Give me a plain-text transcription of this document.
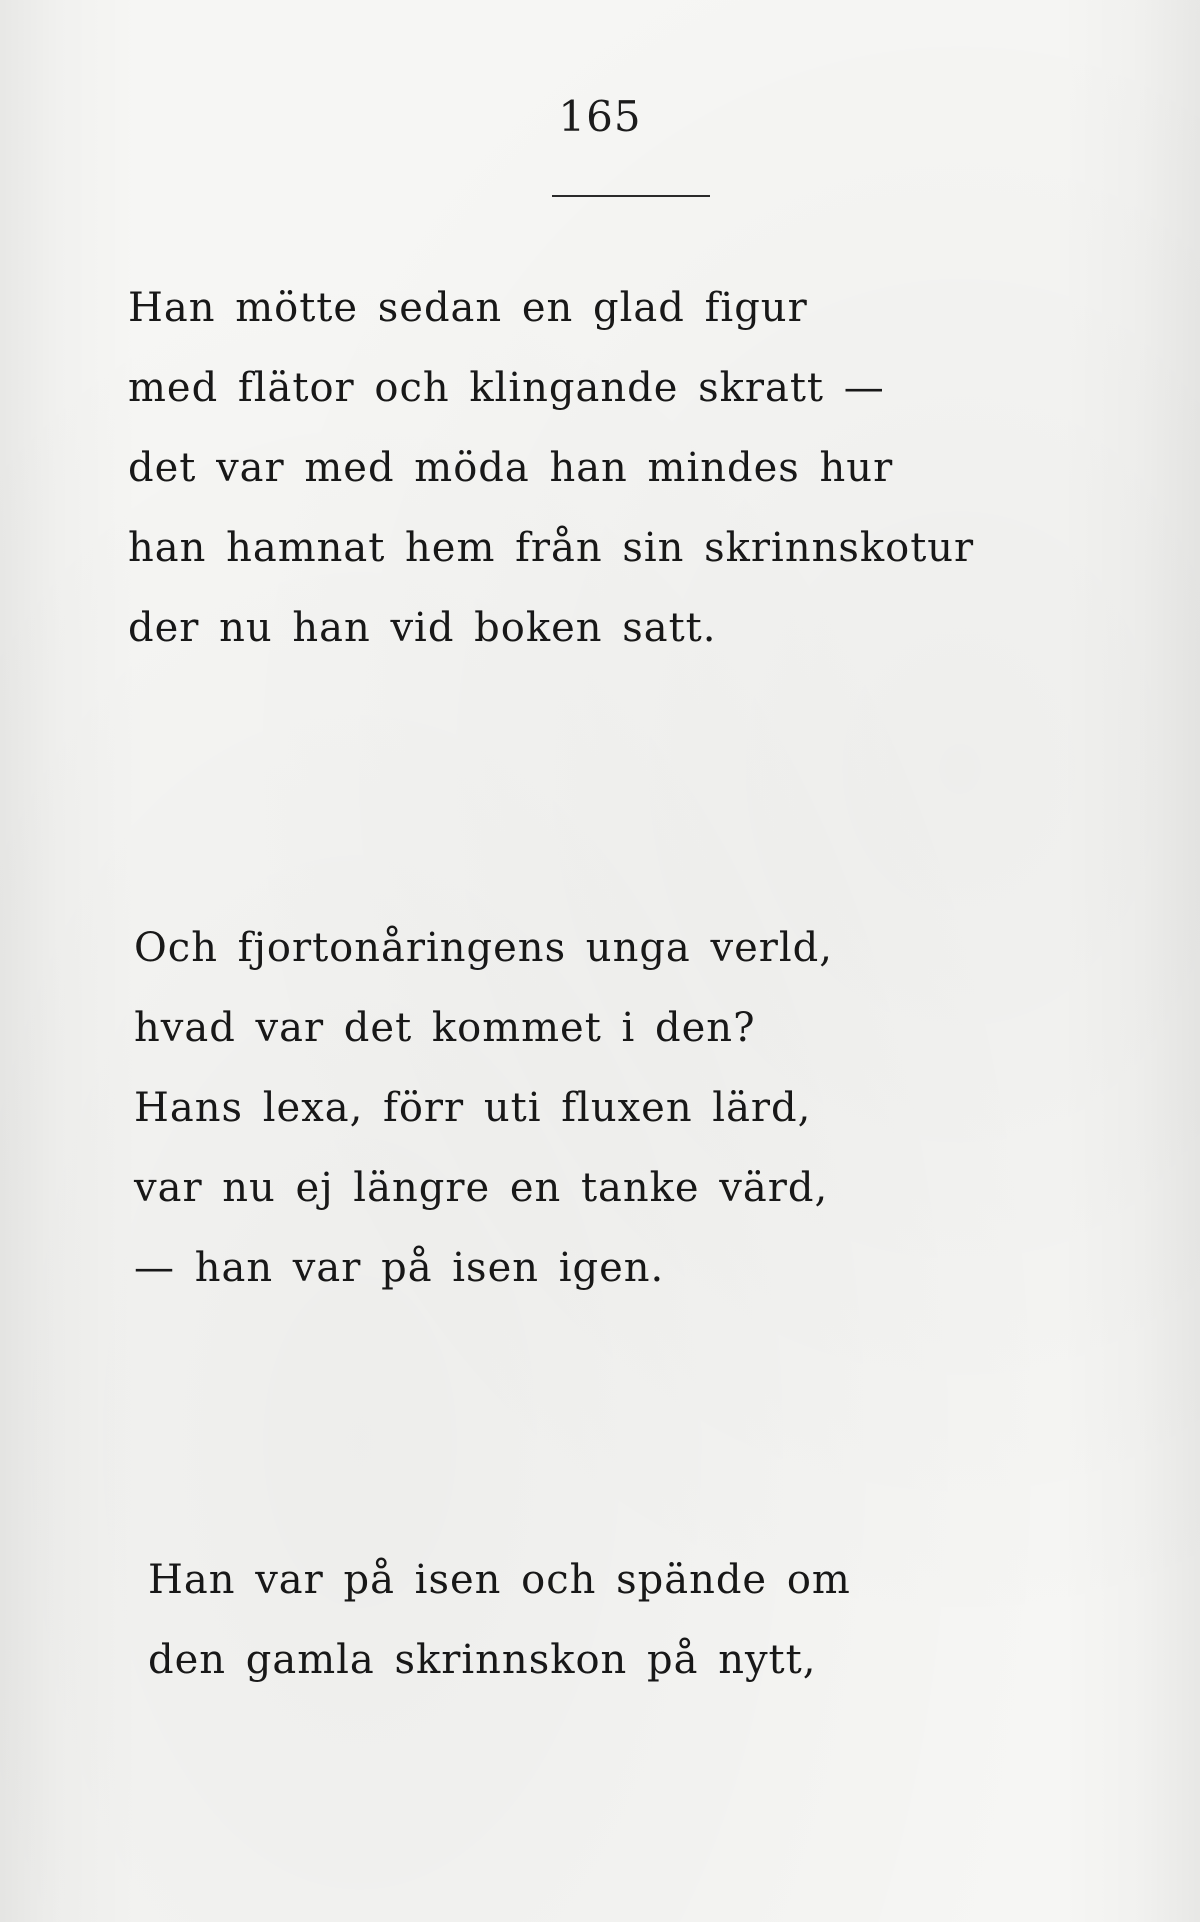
165
Han mötte sedan en glad figur
med flätor och klingande skratt —
det var med möda han mindes hur
han hamnat hem från sin skrinnskotur
der nu han vid boken satt.
Och fjortonåringens unga verld,
hvad var det kommet i den?
Hans lexa, förr uti fluxen lärd,
var nu ej längre en tanke värd,
— han var på isen igen.
Han var på isen och spände om
den gamla skrinnskon på nytt,
